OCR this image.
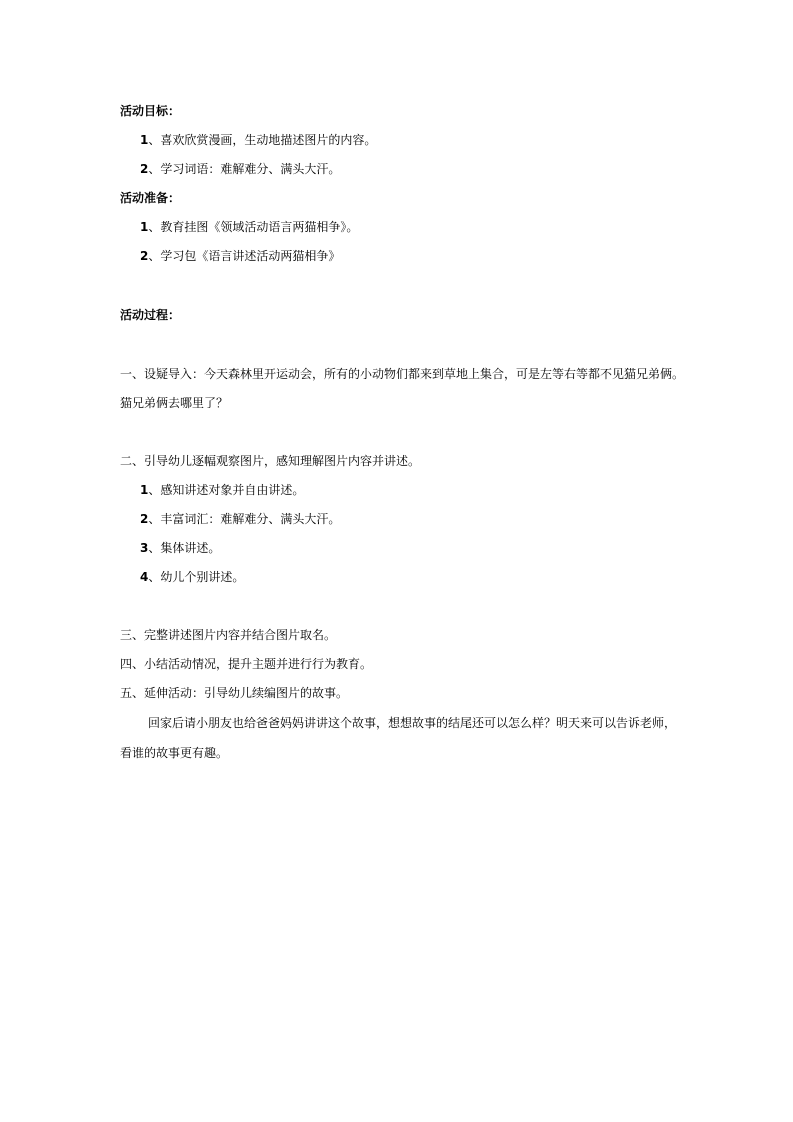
活动目标：
1、喜欢欣赏漫画，生动地描述图片的内容。
2、学习词语：难解难分、满头大汗。
活动准备：
1、教育挂图《领域活动语言两猫相争》。
2、学习包《语言讲述活动两猫相争》
活动过程：
一、设疑导入：今天森林里开运动会，所有的小动物们都来到草地上集合，可是左等右等都不见猫兄弟俩。
猫兄弟俩去哪里了？
二、引导幼儿逐幅观察图片，感知理解图片内容并讲述。
1、感知讲述对象并自由讲述。
2、丰富词汇：难解难分、满头大汗。
3、集体讲述。
4、幼儿个别讲述。
三、完整讲述图片内容并结合图片取名。
四、小结活动情况，提升主题并进行行为教育。
五、延伸活动：引导幼儿续编图片的故事。
回家后请小朋友也给爸爸妈妈讲讲这个故事，想想故事的结尾还可以怎么样？明天来可以告诉老师，
看谁的故事更有趣。
